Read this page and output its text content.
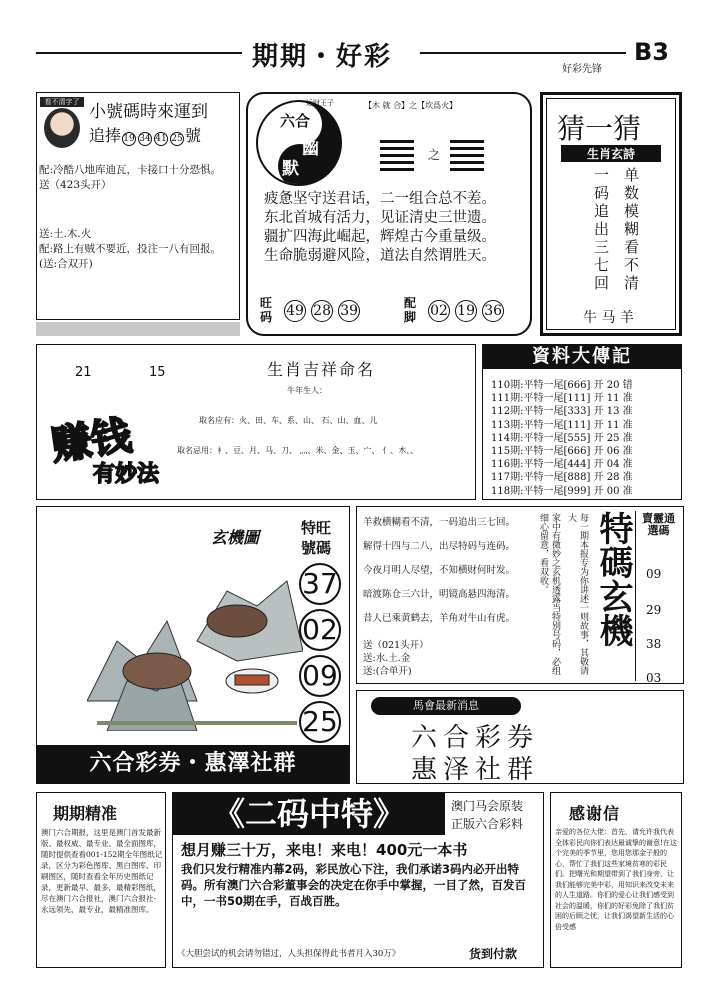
期期・好彩	好彩先锋
B3
看不清字了 小號碼時來運到
追捧 19 34 41 25 號
配:冷酷八地库迪瓦，卡接口十分恐惧。
送（423头开）
送:土.木.火
配:路上有贼不要近，投注一八有回报。
(送:合双开)
六合
幽
默
运财王子	【木 就 合】之【坎爲火】
之
疲惫坚守送君话，二一组合总不差。
东北首城有活力，见证清史三世遗。
疆扩四海此崛起，辉煌古今重量级。
生命脆弱避风险，道法自然谓胜天。
旺码	49 28 39	配脚	02 19 36
猜一猜
生肖玄詩
一码追出三七回 单数模糊看不清
牛 马 羊
21	15	生肖吉祥命名
牛年生人：
取名应有：火、田、车、系、山、 石、山、血、儿
取名忌用：衤、豆、月、马、刀、 灬、米、金、玉、宀、 亻、木、、
赚钱
有妙法
資料大傳記
110期:平特一尾[666] 开 20 错
111期:平特一尾[111] 开 11 准
112期:平特一尾[333] 开 13 准
113期:平特一尾[111] 开 11 准
114期:平特一尾[555] 开 25 准
115期:平特一尾[666] 开 06 准
116期:平特一尾[444] 开 04 准
117期:平特一尾[888] 开 28 准
118期:平特一尾[999] 开 00 准
玄機圖	特旺
號碼
37
02
09
25
六合彩券・惠澤社群
羊救横糊看不清，一码追出三七回。
解得十四与二八，出尽特码与连码。
今夜月明人尽望，不知横财何时发。
暗渡陈仓三六计，明镜高悬四海清。
昔人已乘黄鹤去，羊角对牛山有虎。
送（021头开）
送:水.土.金
送:(合单开)	家中有微妙之玄机透露当特别号码，必组细心留意，看双收。	每一期本报专为你讲述一则故事，其敬请大 特碼玄機 賣靈通選碼
09
29
38
03
馬會最新消息
六合彩券
惠泽社群
期期精准
澳门六合期报，这里是澳门首发最新版、最权威、最专业、最全面图库，随时提供查看001-152期全年图纸记录，区分为彩色图库、黑白图库、印刷图区，随时查看全年历史图纸记录，更新最早、最多，最精彩图纸，尽在澳门六合报社，澳门六合报社-永远领先，最专业，最精准图库。
《二码中特》	澳门马会原装
正版六合彩料
想月赚三十万，来电！来电！400元一本书
我们只发行精准内幕2码，彩民放心下注，我们承诺3码内必开出特码。所有澳门六合彩董事会的决定在你手中掌握，一目了然，百发百中，一书50期在手，百战百胜。
《大胆尝试的机会请勿错过，人头担保得此书者月入30万》	货到付款
感谢信
亲爱的各位大佬：首先，请允许我代表全体彩民向你们表达最诚挚的谢意!在这个完美的季节里，您用您那金子般的心，帮忙了我们这些家境贫寒的彩民们。把曙光和期望带到了我们身旁，让我们能够完美中彩，用知识来改变未来的人生道路。你们的爱心让我们感受到社会的温暖，你们的好彩免除了我们贫困的后顾之忧，让我们渴望新生活的心倍受感
